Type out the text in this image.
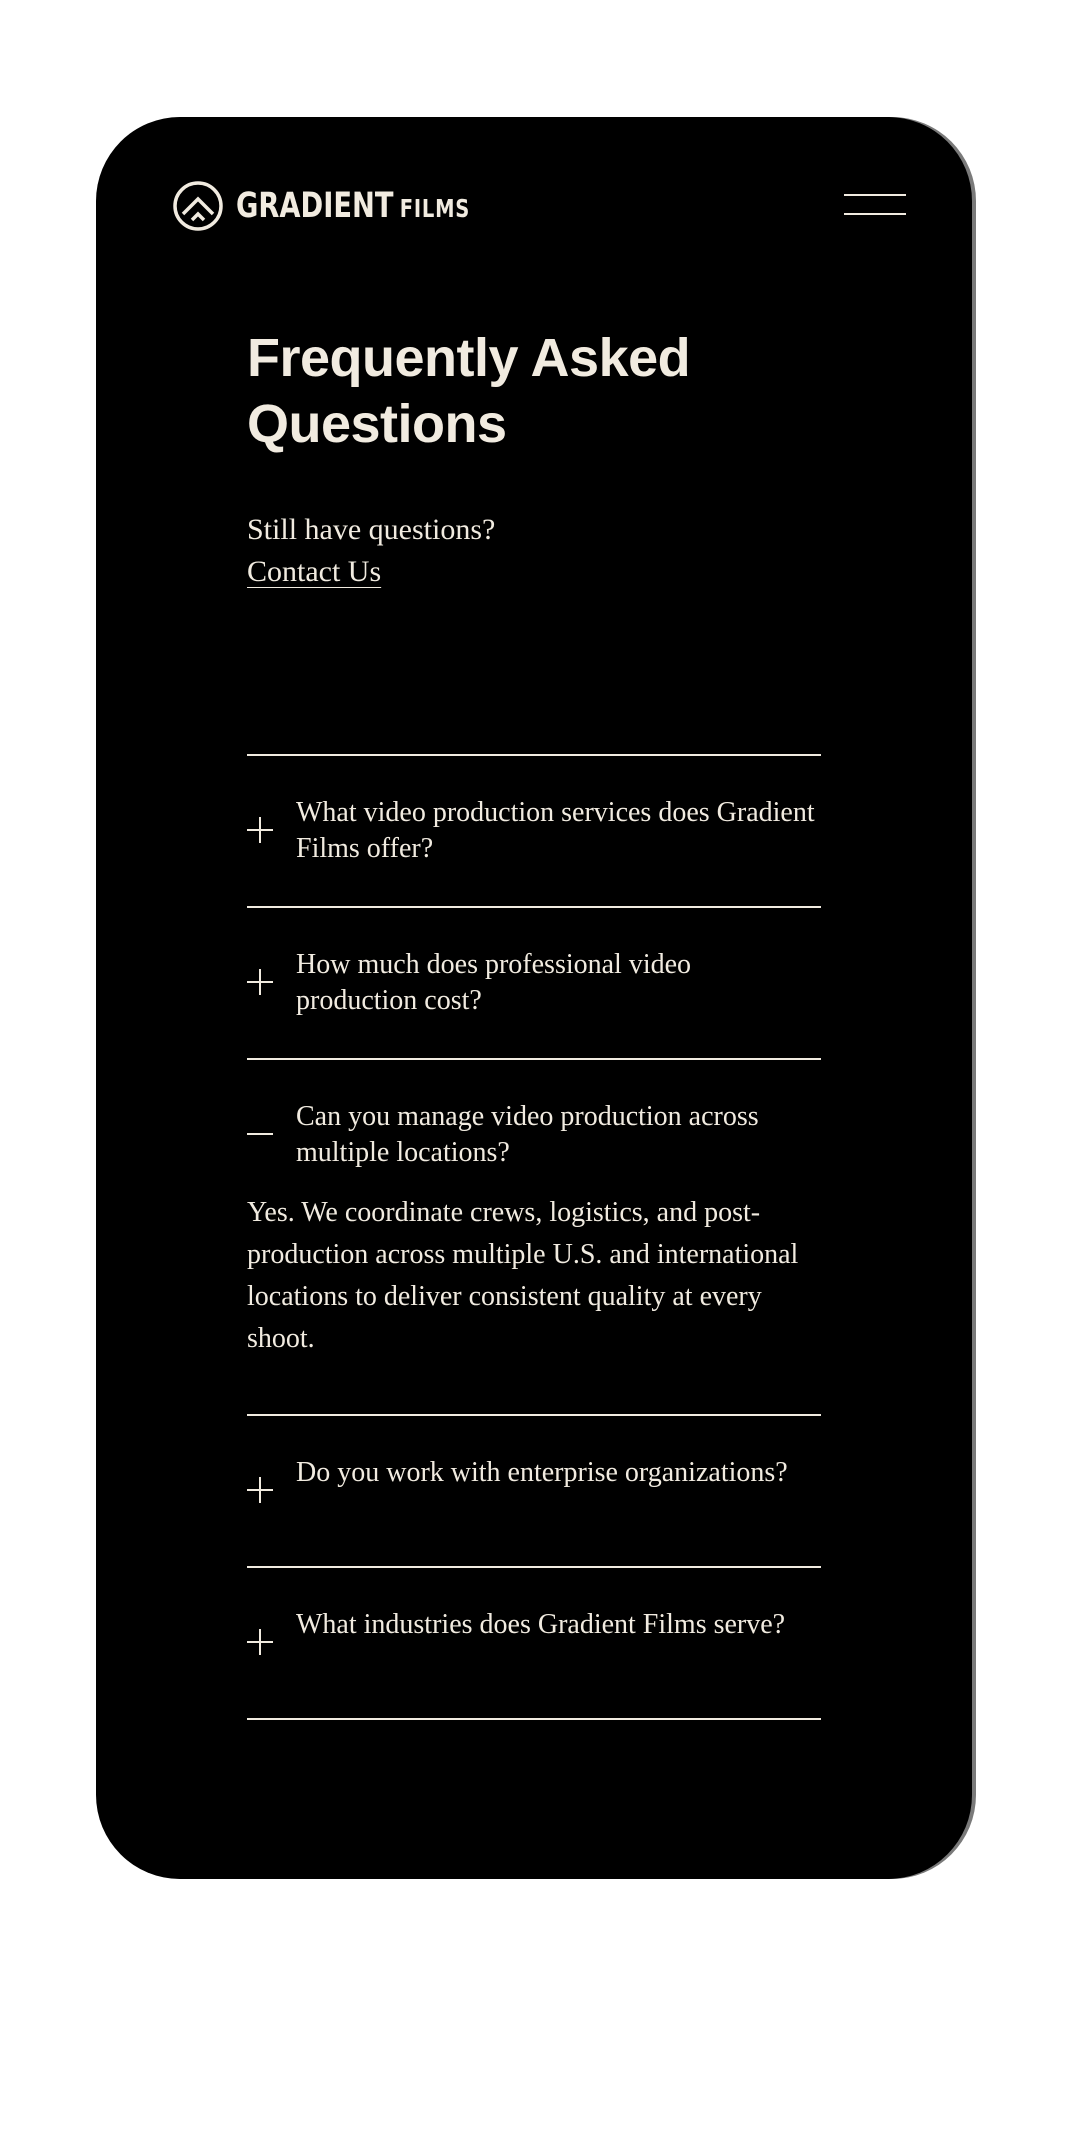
GRADIENT FILMS
Frequently Asked Questions

Still have questions?

Contact Us
What video production services does Gradient Films offer?
How much does professional video production cost?
Can you manage video production across multiple locations?
Yes. We coordinate crews, logistics, and post-production across multiple U.S. and international locations to deliver consistent quality at every shoot.
Do you work with enterprise organizations?
What industries does Gradient Films serve?
